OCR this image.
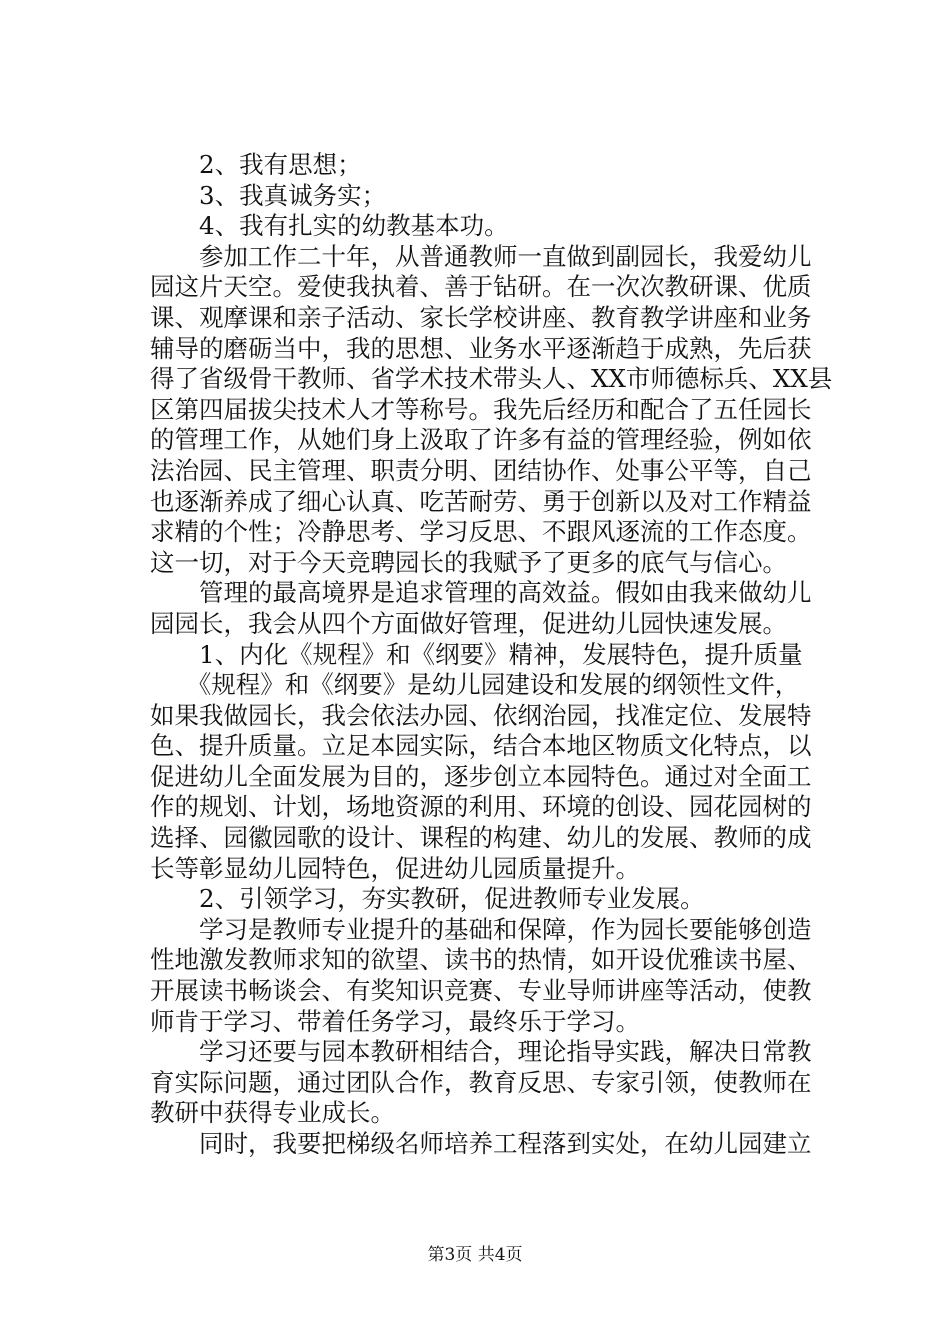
　　2、我有思想；
　　3、我真诚务实；
　　4、我有扎实的幼教基本功。
　　参加工作二十年，从普通教师一直做到副园长，我爱幼儿
园这片天空。爱使我执着、善于钻研。在一次次教研课、优质
课、观摩课和亲子活动、家长学校讲座、教育教学讲座和业务
辅导的磨砺当中，我的思想、业务水平逐渐趋于成熟，先后获
得了省级骨干教师、省学术技术带头人、XX市师德标兵、XX县
区第四届拔尖技术人才等称号。我先后经历和配合了五任园长
的管理工作，从她们身上汲取了许多有益的管理经验，例如依
法治园、民主管理、职责分明、团结协作、处事公平等，自己
也逐渐养成了细心认真、吃苦耐劳、勇于创新以及对工作精益
求精的个性；冷静思考、学习反思、不跟风逐流的工作态度。
这一切，对于今天竞聘园长的我赋予了更多的底气与信心。
　　管理的最高境界是追求管理的高效益。假如由我来做幼儿
园园长，我会从四个方面做好管理，促进幼儿园快速发展。
　　1、内化《规程》和《纲要》精神，发展特色，提升质量
　　《规程》和《纲要》是幼儿园建设和发展的纲领性文件，
如果我做园长，我会依法办园、依纲治园，找准定位、发展特
色、提升质量。立足本园实际，结合本地区物质文化特点，以
促进幼儿全面发展为目的，逐步创立本园特色。通过对全面工
作的规划、计划，场地资源的利用、环境的创设、园花园树的
选择、园徽园歌的设计、课程的构建、幼儿的发展、教师的成
长等彰显幼儿园特色，促进幼儿园质量提升。
　　2、引领学习，夯实教研，促进教师专业发展。
　　学习是教师专业提升的基础和保障，作为园长要能够创造
性地激发教师求知的欲望、读书的热情，如开设优雅读书屋、
开展读书畅谈会、有奖知识竞赛、专业导师讲座等活动，使教
师肯于学习、带着任务学习，最终乐于学习。
　　学习还要与园本教研相结合，理论指导实践，解决日常教
育实际问题，通过团队合作，教育反思、专家引领，使教师在
教研中获得专业成长。
　　同时，我要把梯级名师培养工程落到实处，在幼儿园建立
第3页 共4页
